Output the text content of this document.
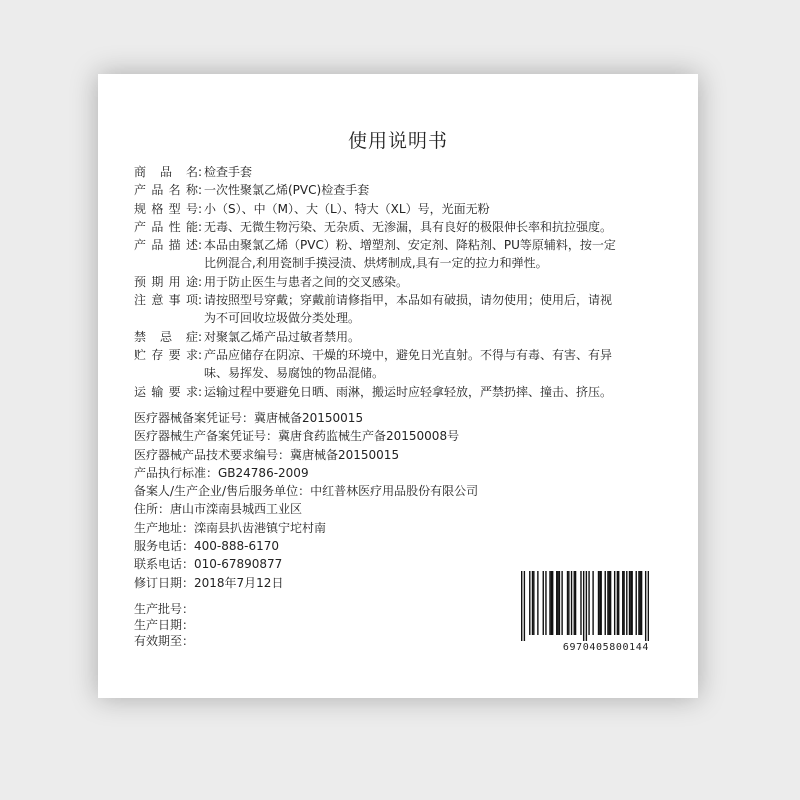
使用说明书
商品名 : 检查手套
产品名称 : 一次性聚氯乙烯(PVC)检查手套
规格型号 : 小（S）、中（M）、大（L）、特大（XL）号，光面无粉
产品性能 : 无毒、无微生物污染、无杂质、无渗漏，具有良好的极限伸长率和抗拉强度。
产品描述 : 本品由聚氯乙烯（PVC）粉、增塑剂、安定剂、降粘剂、PU等原辅料，按一定
比例混合,利用瓷制手摸浸渍、烘烤制成,具有一定的拉力和弹性。
预期用途 : 用于防止医生与患者之间的交叉感染。
注意事项 : 请按照型号穿戴；穿戴前请修指甲，本品如有破损，请勿使用；使用后，请视
为不可回收垃圾做分类处理。
禁忌症 : 对聚氯乙烯产品过敏者禁用。
贮存要求 : 产品应储存在阴凉、干燥的环境中，避免日光直射。不得与有毒、有害、有异
味、易挥发、易腐蚀的物品混储。
运输要求 : 运输过程中要避免日晒、雨淋，搬运时应轻拿轻放，严禁扔摔、撞击、挤压。
医疗器械备案凭证号：冀唐械备20150015
医疗器械生产备案凭证号：冀唐食药监械生产备20150008号
医疗器械产品技术要求编号：冀唐械备20150015
产品执行标准：GB24786-2009
备案人/生产企业/售后服务单位：中红普林医疗用品股份有限公司
住所：唐山市滦南县城西工业区
生产地址：滦南县扒齿港镇宁坨村南
服务电话：400-888-6170
联系电话：010-67890877
修订日期：2018年7月12日
生产批号：
生产日期：
有效期至：	6970405800144
